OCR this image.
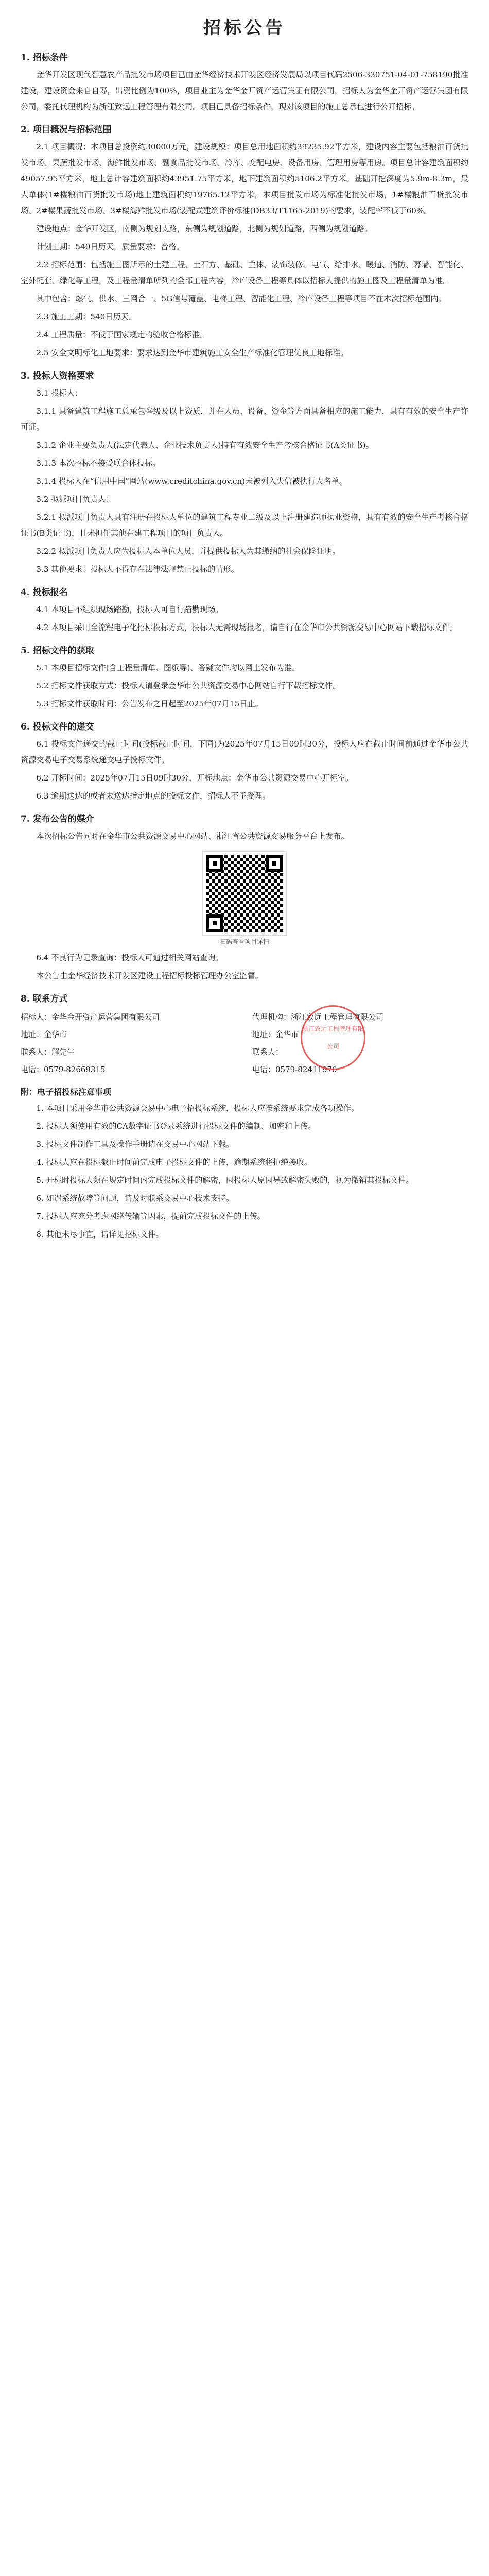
招标公告
1. 招标条件

金华开发区现代智慧农产品批发市场项目已由金华经济技术开发区经济发展局以项目代码2506-330751-04-01-758190批准建设，建设资金来自自筹，出资比例为100%，项目业主为金华金开资产运营集团有限公司，招标人为金华金开资产运营集团有限公司，委托代理机构为浙江致远工程管理有限公司。项目已具备招标条件，现对该项目的施工总承包进行公开招标。

2. 项目概况与招标范围

2.1 项目概况：本项目总投资约30000万元，建设规模：项目总用地面积约39235.92平方米，建设内容主要包括粮油百货批发市场、果蔬批发市场、海鲜批发市场、副食品批发市场、冷库、变配电房、设备用房、管理用房等用房。项目总计容建筑面积约49057.95平方米，地上总计容建筑面积约43951.75平方米，地下建筑面积约5106.2平方米。基础开挖深度为5.9m-8.3m，最大单体(1#楼粮油百货批发市场)地上建筑面积约19765.12平方米，本项目批发市场为标准化批发市场，1#楼粮油百货批发市场、2#楼果蔬批发市场、3#楼海鲜批发市场(装配式建筑评价标准(DB33/T1165-2019)的要求，装配率不低于60%。

建设地点：金华开发区，南侧为规划支路，东侧为规划道路，北侧为规划道路，西侧为规划道路。

计划工期：540日历天，质量要求：合格。

2.2 招标范围：包括施工图所示的土建工程、土石方、基础、主体、装饰装修、电气、给排水、暖通、消防、幕墙、智能化、室外配套、绿化等工程，及工程量清单所列的全部工程内容，冷库设备工程等具体以招标人提供的施工图及工程量清单为准。

其中包含：燃气、供水、三网合一、5G信号覆盖、电梯工程、智能化工程、冷库设备工程等项目不在本次招标范围内。

2.3 施工工期：540日历天。

2.4 工程质量：不低于国家规定的验收合格标准。

2.5 安全文明标化工地要求：要求达到金华市建筑施工安全生产标准化管理优良工地标准。

3. 投标人资格要求

3.1 投标人：

3.1.1 具备建筑工程施工总承包叁级及以上资质，并在人员、设备、资金等方面具备相应的施工能力，具有有效的安全生产许可证。

3.1.2 企业主要负责人(法定代表人、企业技术负责人)持有有效安全生产考核合格证书(A类证书)。

3.1.3 本次招标不接受联合体投标。

3.1.4 投标人在“信用中国”网站(www.creditchina.gov.cn)未被列入失信被执行人名单。

3.2 拟派项目负责人：

3.2.1 拟派项目负责人具有注册在投标人单位的建筑工程专业二级及以上注册建造师执业资格，具有有效的安全生产考核合格证书(B类证书)，且未担任其他在建工程项目的项目负责人。

3.2.2 拟派项目负责人应为投标人本单位人员，并提供投标人为其缴纳的社会保险证明。

3.3 其他要求：投标人不得存在法律法规禁止投标的情形。

4. 投标报名

4.1 本项目不组织现场踏勘，投标人可自行踏勘现场。

4.2 本项目采用全流程电子化招标投标方式，投标人无需现场报名，请自行在金华市公共资源交易中心网站下载招标文件。

5. 招标文件的获取

5.1 本项目招标文件(含工程量清单、图纸等)、答疑文件均以网上发布为准。

5.2 招标文件获取方式：投标人请登录金华市公共资源交易中心网站自行下载招标文件。

5.3 招标文件获取时间：公告发布之日起至2025年07月15日止。

6. 投标文件的递交

6.1 投标文件递交的截止时间(投标截止时间，下同)为2025年07月15日09时30分，投标人应在截止时间前通过金华市公共资源交易电子交易系统递交电子投标文件。

6.2 开标时间：2025年07月15日09时30分，开标地点：金华市公共资源交易中心开标室。

6.3 逾期送达的或者未送达指定地点的投标文件，招标人不予受理。

7. 发布公告的媒介

本次招标公告同时在金华市公共资源交易中心网站、浙江省公共资源交易服务平台上发布。

扫码查看项目详情

6.4 不良行为记录查询：投标人可通过相关网站查询。

本公告由金华经济技术开发区建设工程招标投标管理办公室监督。

8. 联系方式
招标人：金华金开资产运营集团有限公司
地址：金华市
联系人：解先生
电话：0579-82669315
代理机构：浙江致远工程管理有限公司
地址：金华市
联系人：
电话：0579-82411970
浙江致远工程管理有限公司
附：电子招投标注意事项

1. 本项目采用金华市公共资源交易中心电子招投标系统，投标人应按系统要求完成各项操作。

2. 投标人须使用有效的CA数字证书登录系统进行投标文件的编制、加密和上传。

3. 投标文件制作工具及操作手册请在交易中心网站下载。

4. 投标人应在投标截止时间前完成电子投标文件的上传，逾期系统将拒绝接收。

5. 开标时投标人须在规定时间内完成投标文件的解密，因投标人原因导致解密失败的，视为撤销其投标文件。

6. 如遇系统故障等问题，请及时联系交易中心技术支持。

7. 投标人应充分考虑网络传输等因素，提前完成投标文件的上传。

8. 其他未尽事宜，请详见招标文件。
